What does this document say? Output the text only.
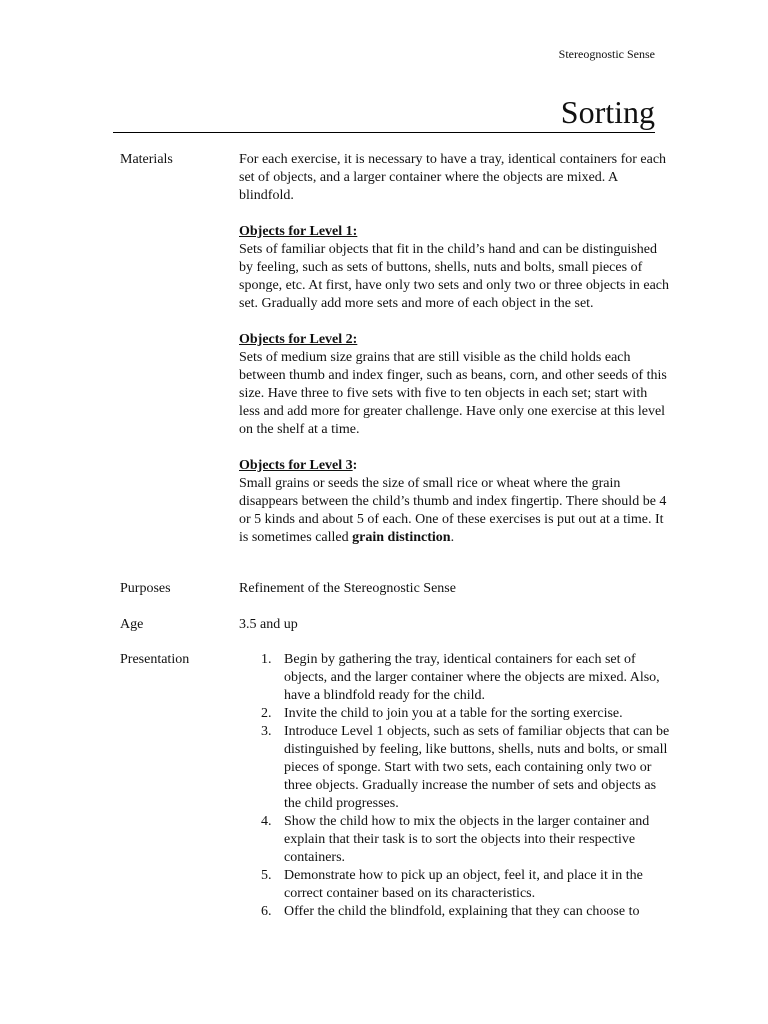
Stereognostic Sense
Sorting
Materials	For each exercise, it is necessary to have a tray, identical containers for each set of objects, and a larger container where the objects are mixed. A blindfold.

Objects for Level 1:

Sets of familiar objects that fit in the child’s hand and can be distinguished by feeling, such as sets of buttons, shells, nuts and bolts, small pieces of sponge, etc. At first, have only two sets and only two or three objects in each set. Gradually add more sets and more of each object in the set.

Objects for Level 2:

Sets of medium size grains that are still visible as the child holds each between thumb and index finger, such as beans, corn, and other seeds of this size. Have three to five sets with five to ten objects in each set; start with less and add more for greater challenge. Have only one exercise at this level on the shelf at a time.

Objects for Level 3:

Small grains or seeds the size of small rice or wheat where the grain disappears between the child’s thumb and index fingertip. There should be 4 or 5 kinds and about 5 of each. One of these exercises is put out at a time. It is sometimes called grain distinction.

Purposes	Refinement of the Stereognostic Sense
Age	3.5 and up
Presentation	1. Begin by gathering the tray, identical containers for each set of objects, and the larger container where the objects are mixed. Also, have a blindfold ready for the child.
2. Invite the child to join you at a table for the sorting exercise.
3. Introduce Level 1 objects, such as sets of familiar objects that can be distinguished by feeling, like buttons, shells, nuts and bolts, or small pieces of sponge. Start with two sets, each containing only two or three objects. Gradually increase the number of sets and objects as the child progresses.
4. Show the child how to mix the objects in the larger container and explain that their task is to sort the objects into their respective containers.
5. Demonstrate how to pick up an object, feel it, and place it in the correct container based on its characteristics.
6. Offer the child the blindfold, explaining that they can choose to
